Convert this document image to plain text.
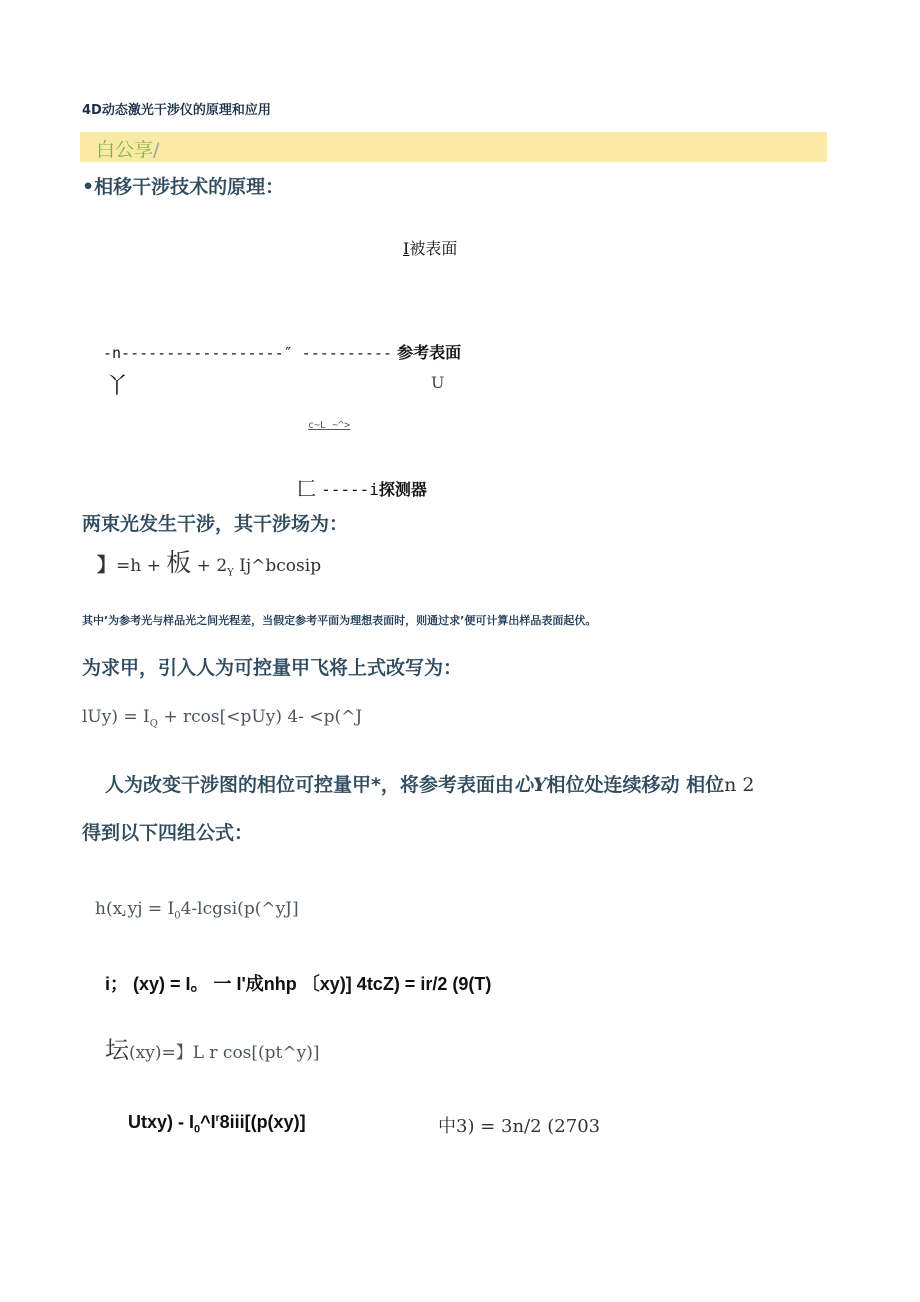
4D动态激光干涉仪的原理和应用
白公享/
•相移干涉技术的原理：
I被表面
-n------------------″ ---------- 参考表面
丫	U
c~L ~^>
匚 -----i探测器
两束光发生干涉，其干涉场为：
】=h + 板 + $2_Y$ Ij^bcosip
其中’为参考光与样品光之间光程差，当假定参考平面为理想表面时，则通过求’便可计算出样品表面起伏。
为求甲，引入人为可控量甲飞将上式改写为：
$lUy) = I_Q + rcos[<pUy)$ 4- <p(^J
人为改变干涉图的相位可控量甲*，将参考表面由心Y相位处连续移动 相位n 2
得到以下四组公式：
$h(x_┙yj$ = $I_04-lcgsi(p(\^{}yJ]$
i； (xy) = I。 一 I'成nhp 〔xy)] 4tcZ) = ir/2 (9(T)
坛(xy)=】L r cos[(pt^y)]
Utxy) - $I_0\^{}I^r8iii[(p(xy)]$	中3) = 3n/2 (2703
